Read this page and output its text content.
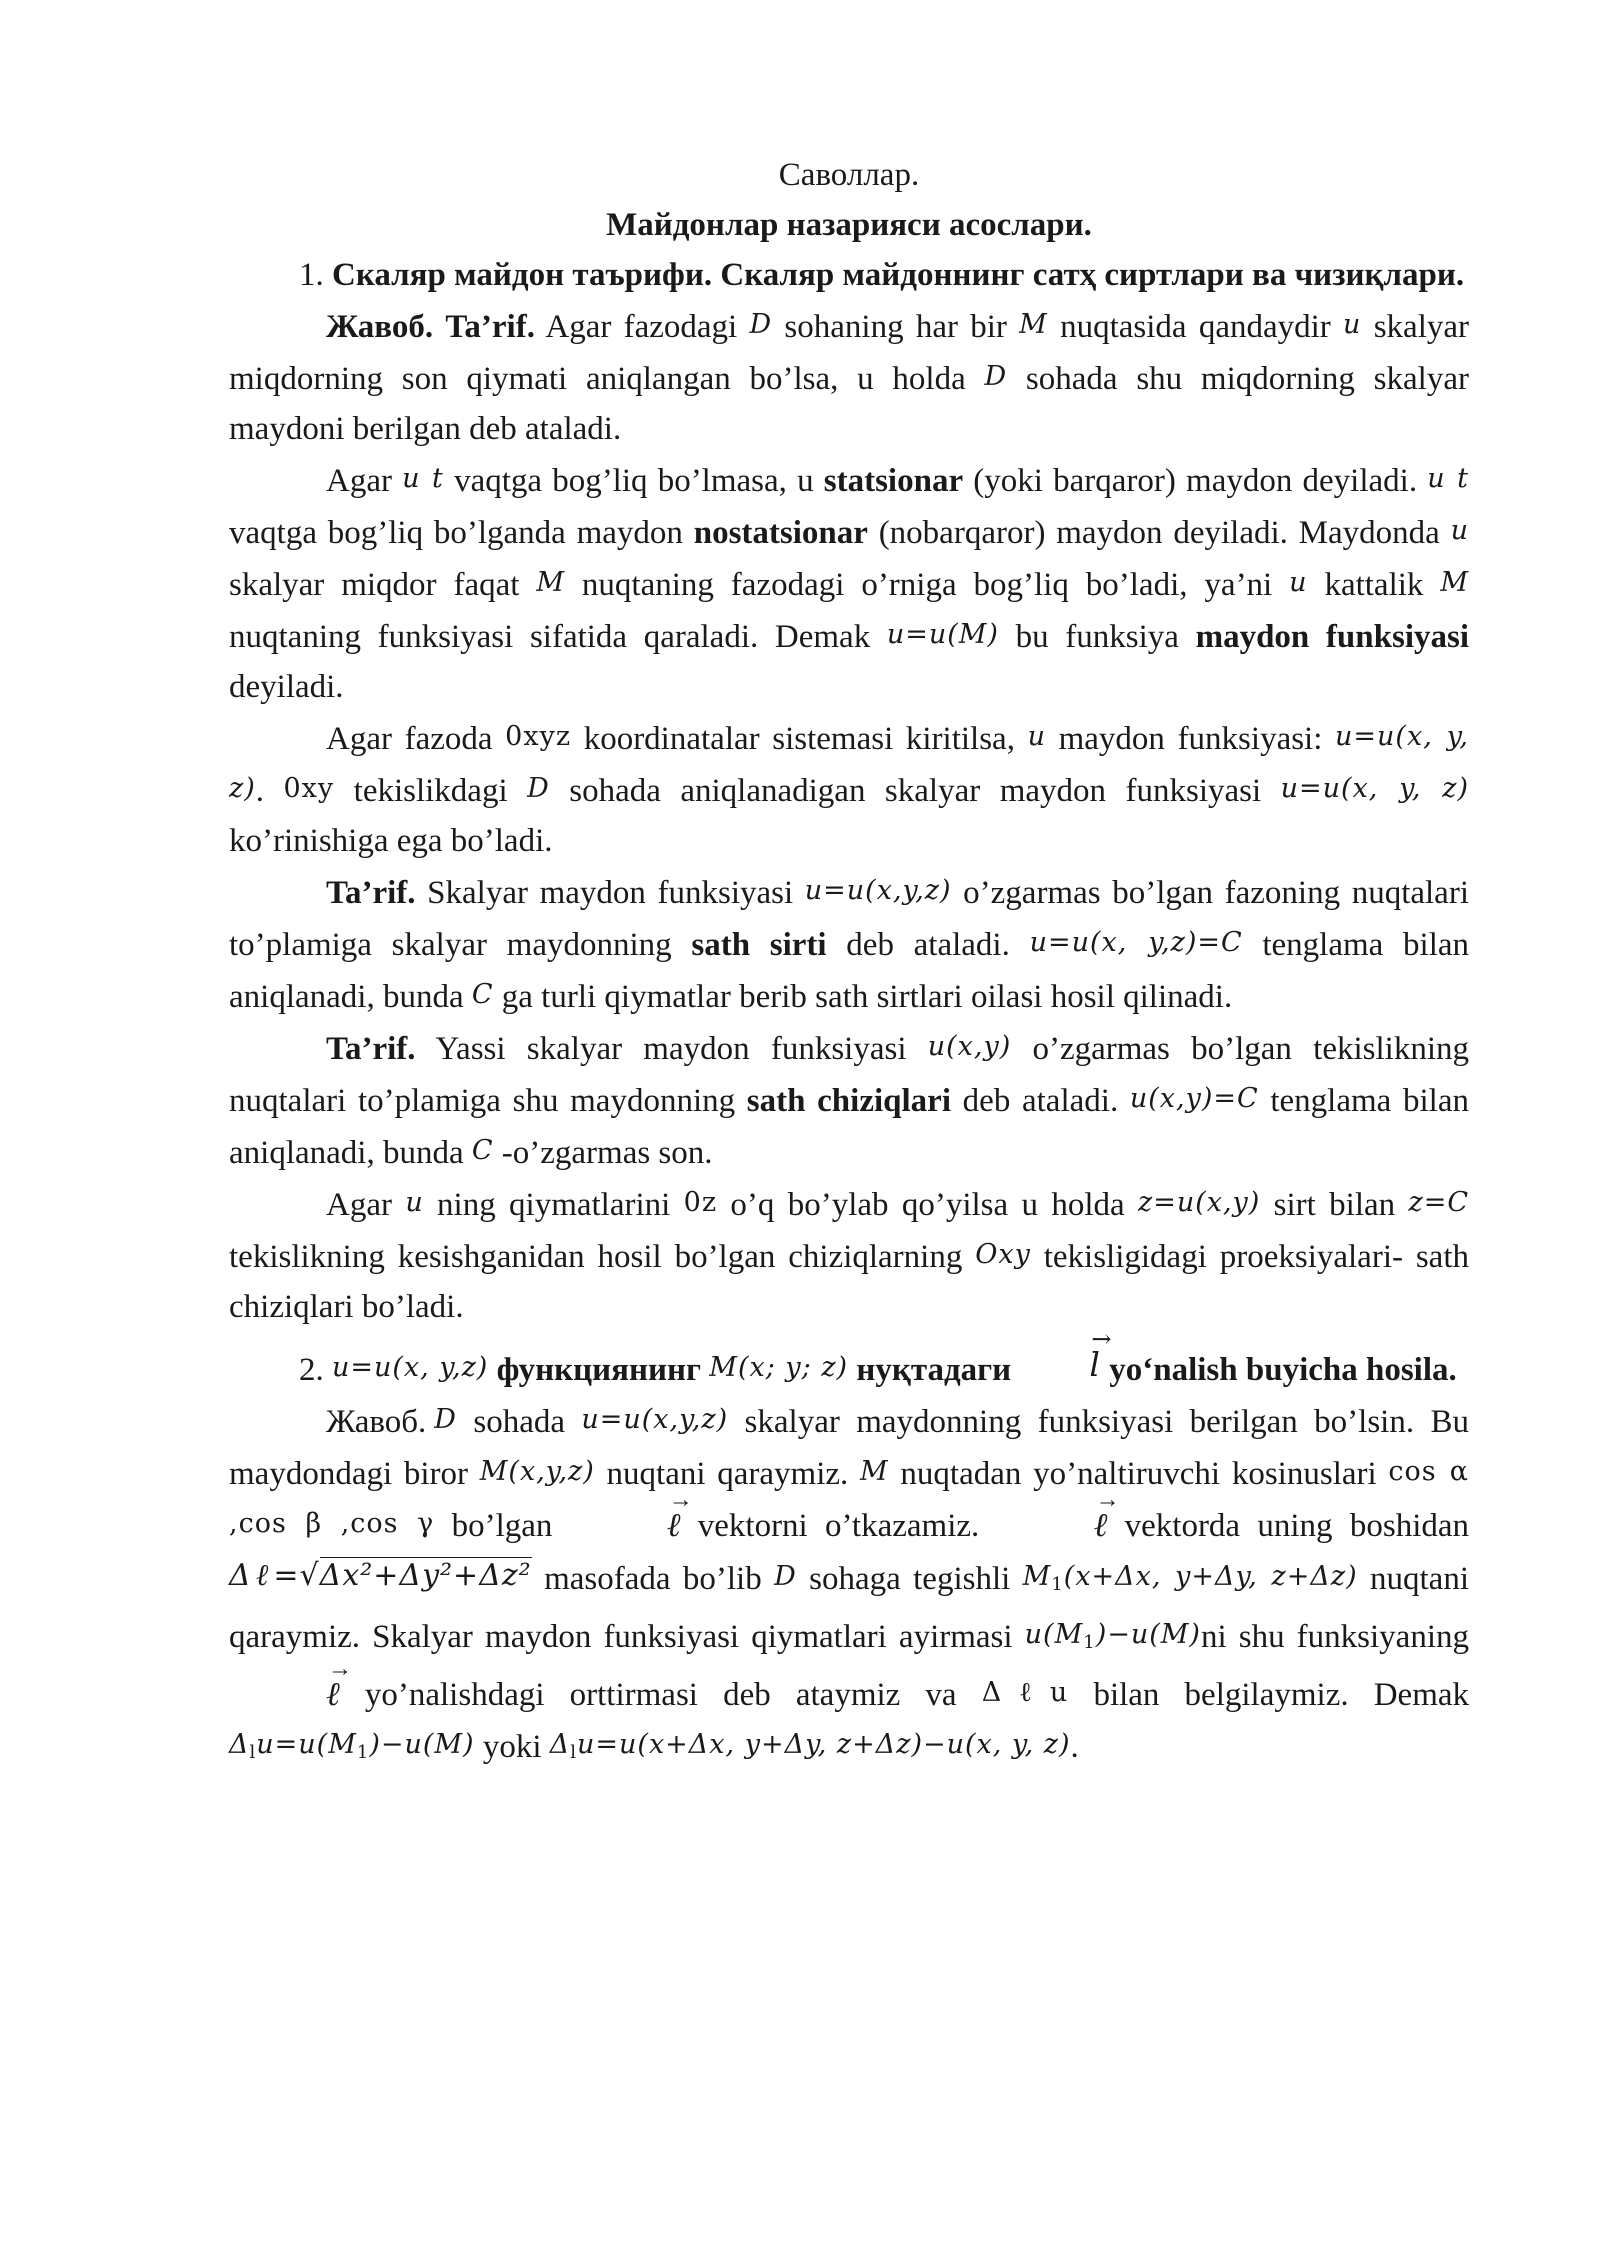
Саволлар.
Майдонлар назарияси асослари.

1. Скаляр майдон таърифи. Скаляр майдоннинг сатҳ сиртлари ва чизиқлари.

Жавоб. Ta’rif. Agar fazodagi D sohaning har bir M nuqtasida qandaydir u skalyar miqdorning son qiymati aniqlangan bo’lsa, u holda D sohada shu miqdorning skalyar maydoni berilgan deb ataladi.

Agar u t vaqtga bog’liq bo’lmasa, u statsionar (yoki barqaror) maydon deyiladi. u t vaqtga bog’liq bo’lganda maydon nostatsionar (nobarqaror) maydon deyiladi. Maydonda u skalyar miqdor faqat M nuqtaning fazodagi o’rniga bog’liq bo’ladi, ya’ni u kattalik M nuqtaning funksiyasi sifatida qaraladi. Demak u=u(M) bu funksiya maydon funksiyasi deyiladi.

Agar fazoda 0xyz koordinatalar sistemasi kiritilsa, u maydon funksiyasi: u=u(x, y, z). 0xy tekislikdagi D sohada aniqlanadigan skalyar maydon funksiyasi u=u(x, y, z) ko’rinishiga ega bo’ladi.

Ta’rif. Skalyar maydon funksiyasi u=u(x,y,z) o’zgarmas bo’lgan fazoning nuqtalari to’plamiga skalyar maydonning sath sirti deb ataladi. u=u(x, y,z)=C tenglama bilan aniqlanadi, bunda C ga turli qiymatlar berib sath sirtlari oilasi hosil qilinadi.

Ta’rif. Yassi skalyar maydon funksiyasi u(x,y) o’zgarmas bo’lgan tekislikning nuqtalari to’plamiga shu maydonning sath chiziqlari deb ataladi. u(x,y)=C tenglama bilan aniqlanadi, bunda C -o’zgarmas son.

Agar u ning qiymatlarini 0z o’q bo’ylab qo’yilsa u holda z=u(x,y) sirt bilan z=C tekislikning kesishganidan hosil bo’lgan chiziqlarning Oxy tekisligidagi proeksiyalari- sath chiziqlari bo’ladi.

2. u=u(x, y,z) функциянинг M(x; y; z) нуқтадаги → l yo‘nalish buyicha hosila.

Жавоб. D sohada u=u(x,y,z) skalyar maydonning funksiyasi berilgan bo’lsin. Bu maydondagi biror M(x,y,z) nuqtani qaraymiz. M nuqtadan yo’naltiruvchi kosinuslari cos α ,cos β ,cos γ bo’lgan	→ ℓ vektorni o’tkazamiz.	→ ℓ vektorda uning boshidan Δℓ=√Δx²+Δy²+Δz² masofada bo’lib D sohaga tegishli $M_1(x+\Delta x$, y+Δy, z+Δz) nuqtani qaraymiz. Skalyar maydon funksiyasi qiymatlari ayirmasi $u(M_1)-u(M)ni$ shu funksiyaning → ℓ yo’nalishdagi orttirmasi deb ataymiz va Δℓu bilan belgilaymiz. Demak $\Delta_lu=u(M_1)-u(M)$ yoki $\Delta_lu=u(x+\Delta x$, y+Δy, z+Δz)−u(x, y, z).
